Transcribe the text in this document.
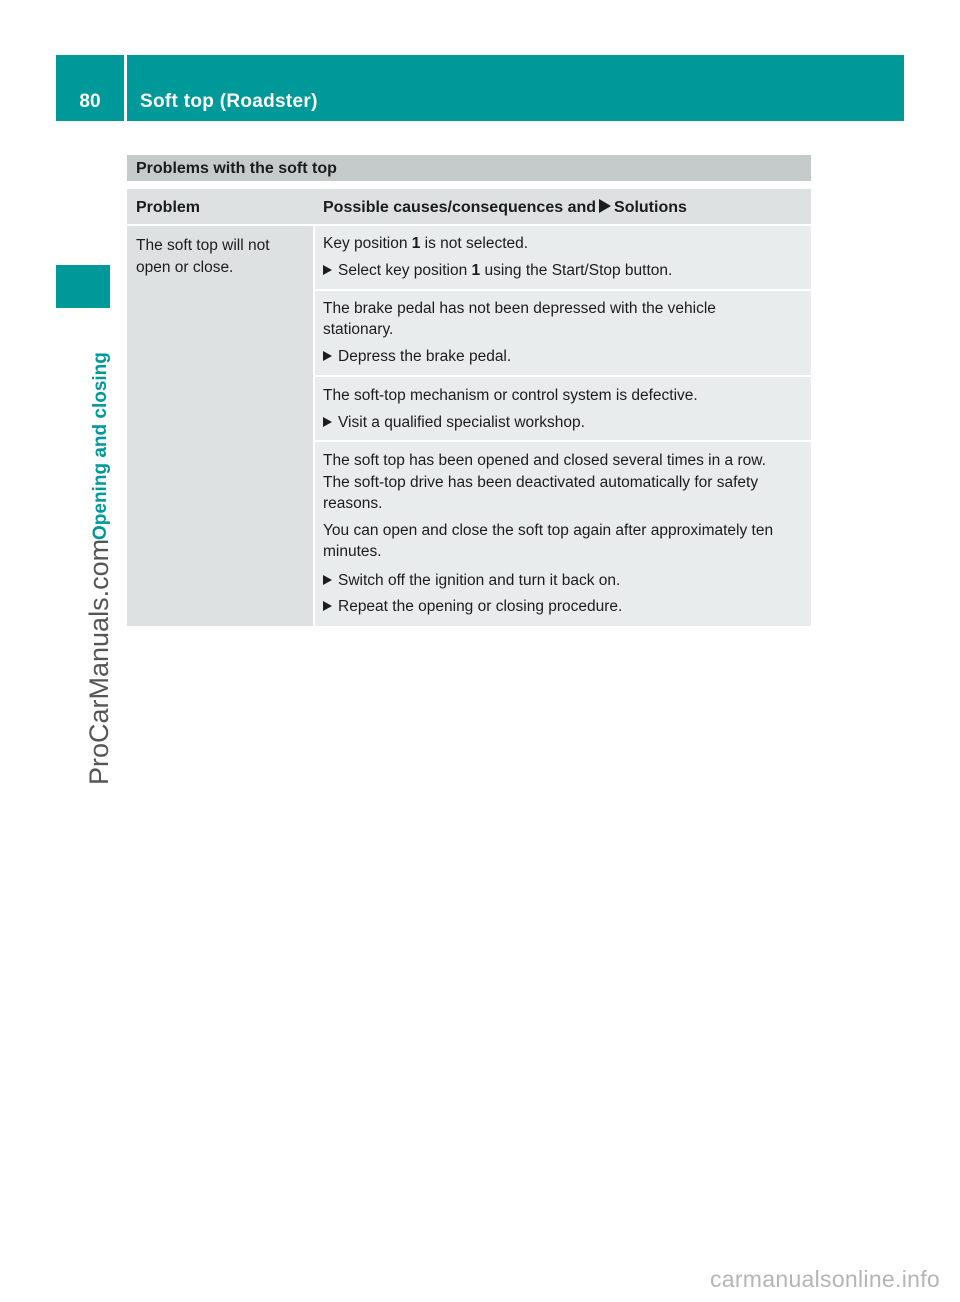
80	Soft top (Roadster)
ProCarManuals.com
Opening and closing
Problems with the soft top
Problem	Possible causes/consequences and Solutions
The soft top will not
open or close.
Key position 1 is not selected.
Select key position 1 using the Start/Stop button.
The brake pedal has not been depressed with the vehicle
stationary.
Depress the brake pedal.
The soft-top mechanism or control system is defective.
Visit a qualified specialist workshop.
The soft top has been opened and closed several times in a row.
The soft-top drive has been deactivated automatically for safety
reasons.
You can open and close the soft top again after approximately ten
minutes.
Switch off the ignition and turn it back on.
Repeat the opening or closing procedure.
carmanualsonline.info
